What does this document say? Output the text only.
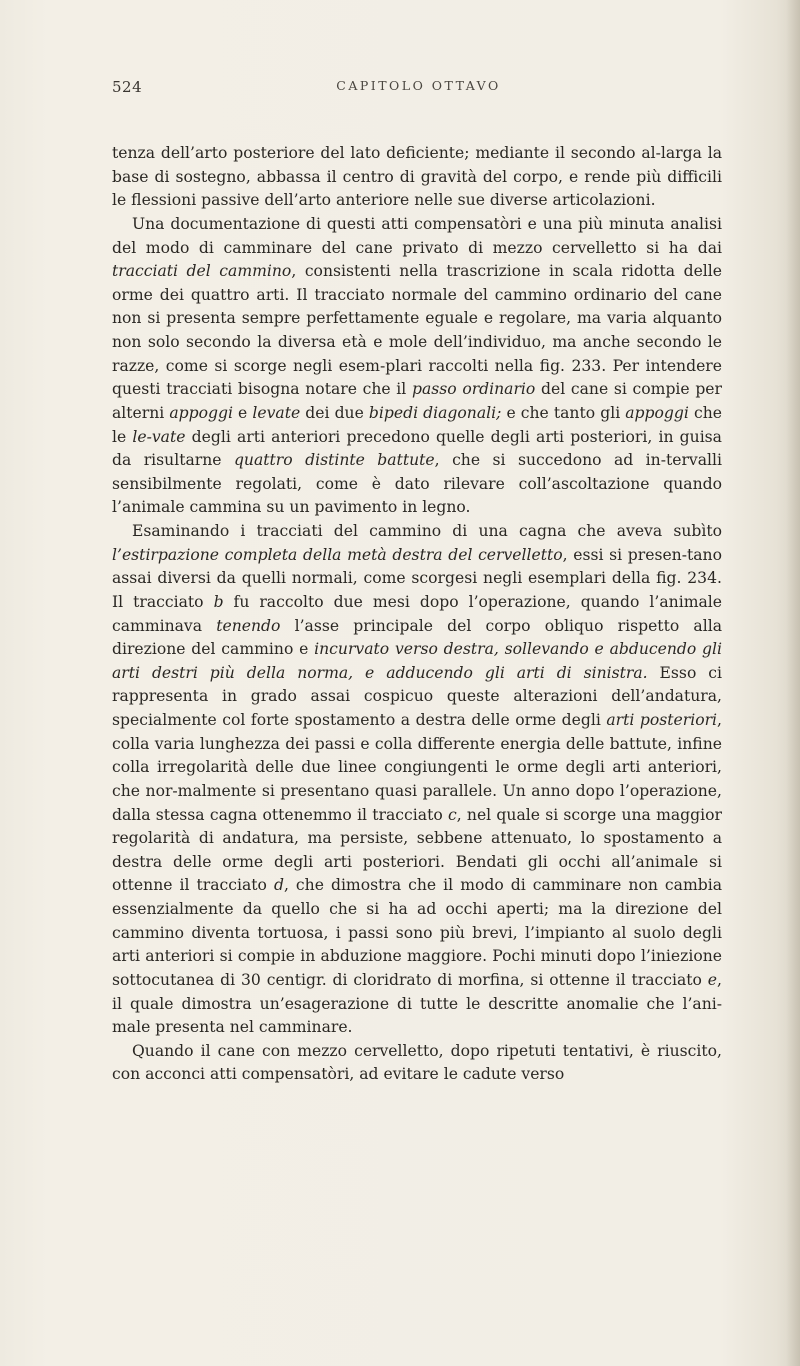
524	CAPITOLO OTTAVO

tenza dell’arto posteriore del lato deficiente; mediante il secondo al-larga la base di sostegno, abbassa il centro di gravità del corpo, e rende più difficili le flessioni passive dell’arto anteriore nelle sue diverse articolazioni.

Una documentazione di questi atti compensatòri e una più minuta analisi del modo di camminare del cane privato di mezzo cervelletto si ha dai tracciati del cammino, consistenti nella trascrizione in scala ridotta delle orme dei quattro arti. Il tracciato normale del cammino ordinario del cane non si presenta sempre perfettamente eguale e regolare, ma varia alquanto non solo secondo la diversa età e mole dell’individuo, ma anche secondo le razze, come si scorge negli esem-plari raccolti nella fig. 233. Per intendere questi tracciati bisogna notare che il passo ordinario del cane si compie per alterni appoggi e levate dei due bipedi diagonali; e che tanto gli appoggi che le le-vate degli arti anteriori precedono quelle degli arti posteriori, in guisa da risultarne quattro distinte battute, che si succedono ad in-tervalli sensibilmente regolati, come è dato rilevare coll’ascoltazione quando l’animale cammina su un pavimento in legno.

Esaminando i tracciati del cammino di una cagna che aveva subìto l’estirpazione completa della metà destra del cervelletto, essi si presen-tano assai diversi da quelli normali, come scorgesi negli esemplari della fig. 234. Il tracciato b fu raccolto due mesi dopo l’operazione, quando l’animale camminava tenendo l’asse principale del corpo obliquo rispetto alla direzione del cammino e incurvato verso destra, sollevando e abducendo gli arti destri più della norma, e adducendo gli arti di sinistra. Esso ci rappresenta in grado assai cospicuo queste alterazioni dell’andatura, specialmente col forte spostamento a destra delle orme degli arti posteriori, colla varia lunghezza dei passi e colla differente energia delle battute, infine colla irregolarità delle due linee congiungenti le orme degli arti anteriori, che nor-malmente si presentano quasi parallele. Un anno dopo l’operazione, dalla stessa cagna ottenemmo il tracciato c, nel quale si scorge una maggior regolarità di andatura, ma persiste, sebbene attenuato, lo spostamento a destra delle orme degli arti posteriori. Bendati gli occhi all’animale si ottenne il tracciato d, che dimostra che il modo di camminare non cambia essenzialmente da quello che si ha ad occhi aperti; ma la direzione del cammino diventa tortuosa, i passi sono più brevi, l’impianto al suolo degli arti anteriori si compie in abduzione maggiore. Pochi minuti dopo l’iniezione sottocutanea di 30 centigr. di cloridrato di morfina, si ottenne il tracciato e, il quale dimostra un’esagerazione di tutte le descritte anomalie che l’ani-male presenta nel camminare.

Quando il cane con mezzo cervelletto, dopo ripetuti tentativi, è riuscito, con acconci atti compensatòri, ad evitare le cadute verso
